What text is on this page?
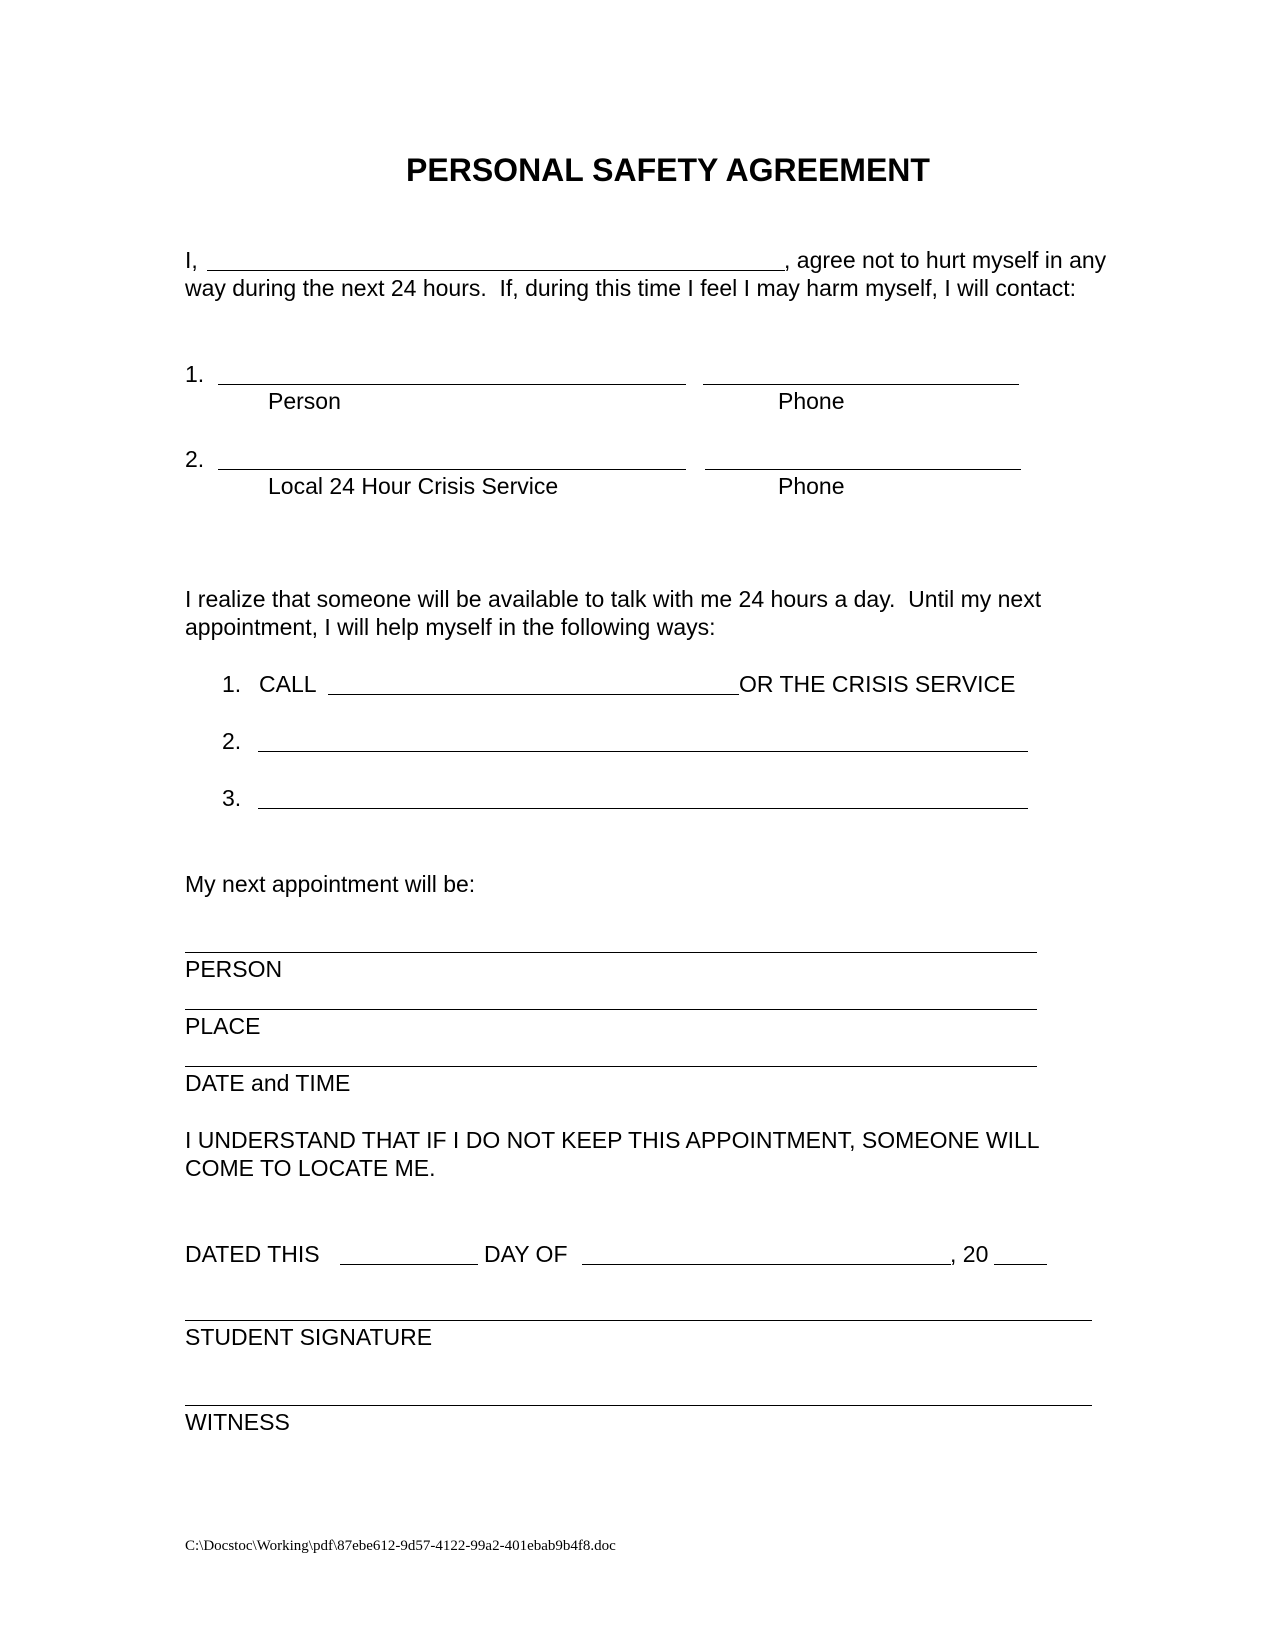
PERSONAL SAFETY AGREEMENT
I,	, agree not to hurt myself in any
way during the next 24 hours.  If, during this time I feel I may harm myself, I will contact:
1.
Person	Phone
2.
Local 24 Hour Crisis Service	Phone
I realize that someone will be available to talk with me 24 hours a day.  Until my next
appointment, I will help myself in the following ways:
1. CALL	OR THE CRISIS SERVICE
2.
3.
My next appointment will be:
PERSON
PLACE
DATE and TIME
I UNDERSTAND THAT IF I DO NOT KEEP THIS APPOINTMENT, SOMEONE WILL
COME TO LOCATE ME.
DATED THIS	DAY OF	, 20
STUDENT SIGNATURE
WITNESS
C:\Docstoc\Working\pdf\87ebe612-9d57-4122-99a2-401ebab9b4f8.doc
